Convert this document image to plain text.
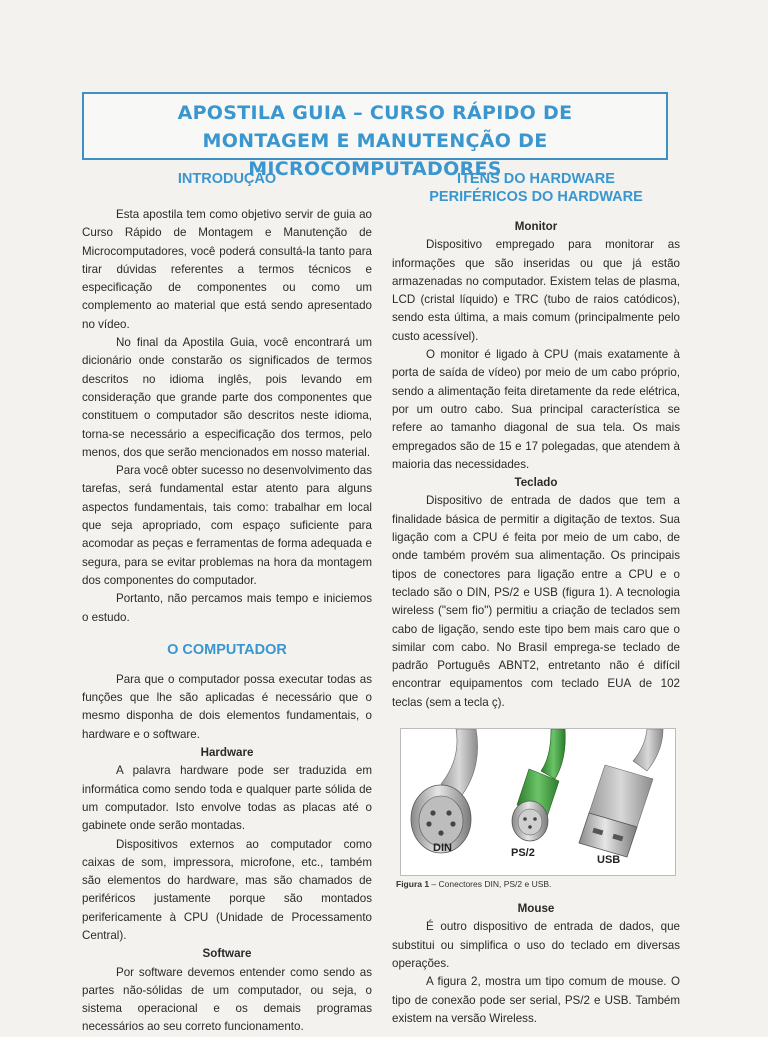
APOSTILA GUIA – CURSO RÁPIDO DE
MONTAGEM E MANUTENÇÃO DE MICROCOMPUTADORES
INTRODUÇÃO

Esta apostila tem como objetivo servir de guia ao Curso Rápido de Montagem e Manutenção de Microcomputadores, você poderá consultá-la tanto para tirar dúvidas referentes a termos técnicos e especificação de componentes ou como um complemento ao material que está sendo apresentado no vídeo.

No final da Apostila Guia, você encontrará um dicionário onde constarão os significados de termos descritos no idioma inglês, pois levando em consideração que grande parte dos componentes que constituem o computador são descritos neste idioma, torna-se necessário a especificação dos termos, pelo menos, dos que serão mencionados em nosso material.

Para você obter sucesso no desenvolvimento das tarefas, será fundamental estar atento para alguns aspectos fundamentais, tais como: trabalhar em local que seja apropriado, com espaço suficiente para acomodar as peças e ferramentas de forma adequada e segura, para se evitar problemas na hora da montagem dos componentes do computador.

Portanto, não percamos mais tempo e iniciemos o estudo.

O COMPUTADOR

Para que o computador possa executar todas as funções que lhe são aplicadas é necessário que o mesmo disponha de dois elementos fundamentais, o hardware e o software.

Hardware

A palavra hardware pode ser traduzida em informática como sendo toda e qualquer parte sólida de um computador. Isto envolve todas as placas até o gabinete onde serão montadas.

Dispositivos externos ao computador como caixas de som, impressora, microfone, etc., também são elementos do hardware, mas são chamados de periféricos justamente porque são montados perifericamente à CPU (Unidade de Processamento Central).

Software

Por software devemos entender como sendo as partes não-sólidas de um computador, ou seja, o sistema operacional e os demais programas necessários ao seu correto funcionamento.

ITENS DO HARDWARE
PERIFÉRICOS DO HARDWARE
Monitor

Dispositivo empregado para monitorar as informações que são inseridas ou que já estão armazenadas no computador. Existem telas de plasma, LCD (cristal líquido) e TRC (tubo de raios catódicos), sendo esta última, a mais comum (principalmente pelo custo acessível).

O monitor é ligado à CPU (mais exatamente à porta de saída de vídeo) por meio de um cabo próprio, sendo a alimentação feita diretamente da rede elétrica, por um outro cabo. Sua principal característica se refere ao tamanho diagonal de sua tela. Os mais empregados são de 15 e 17 polegadas, que atendem à maioria das necessidades.

Teclado

Dispositivo de entrada de dados que tem a finalidade básica de permitir a digitação de textos. Sua ligação com a CPU é feita por meio de um cabo, de onde também provém sua alimentação. Os principais tipos de conectores para ligação entre a CPU e o teclado são o DIN, PS/2 e USB (figura 1). A tecnologia wireless ("sem fio") permitiu a criação de teclados sem cabo de ligação, sendo este tipo bem mais caro que o similar com cabo. No Brasil emprega-se teclado de padrão Português ABNT2, entretanto não é difícil encontrar equipamentos com teclado EUA de 102 teclas (sem a tecla ç).

DIN	PS/2
USB
Figura 1 – Conectores DIN, PS/2 e USB.
Mouse

É outro dispositivo de entrada de dados, que substitui ou simplifica o uso do teclado em diversas operações.

A figura 2, mostra um tipo comum de mouse. O tipo de conexão pode ser serial, PS/2 e USB. Também existem na versão Wireless.
